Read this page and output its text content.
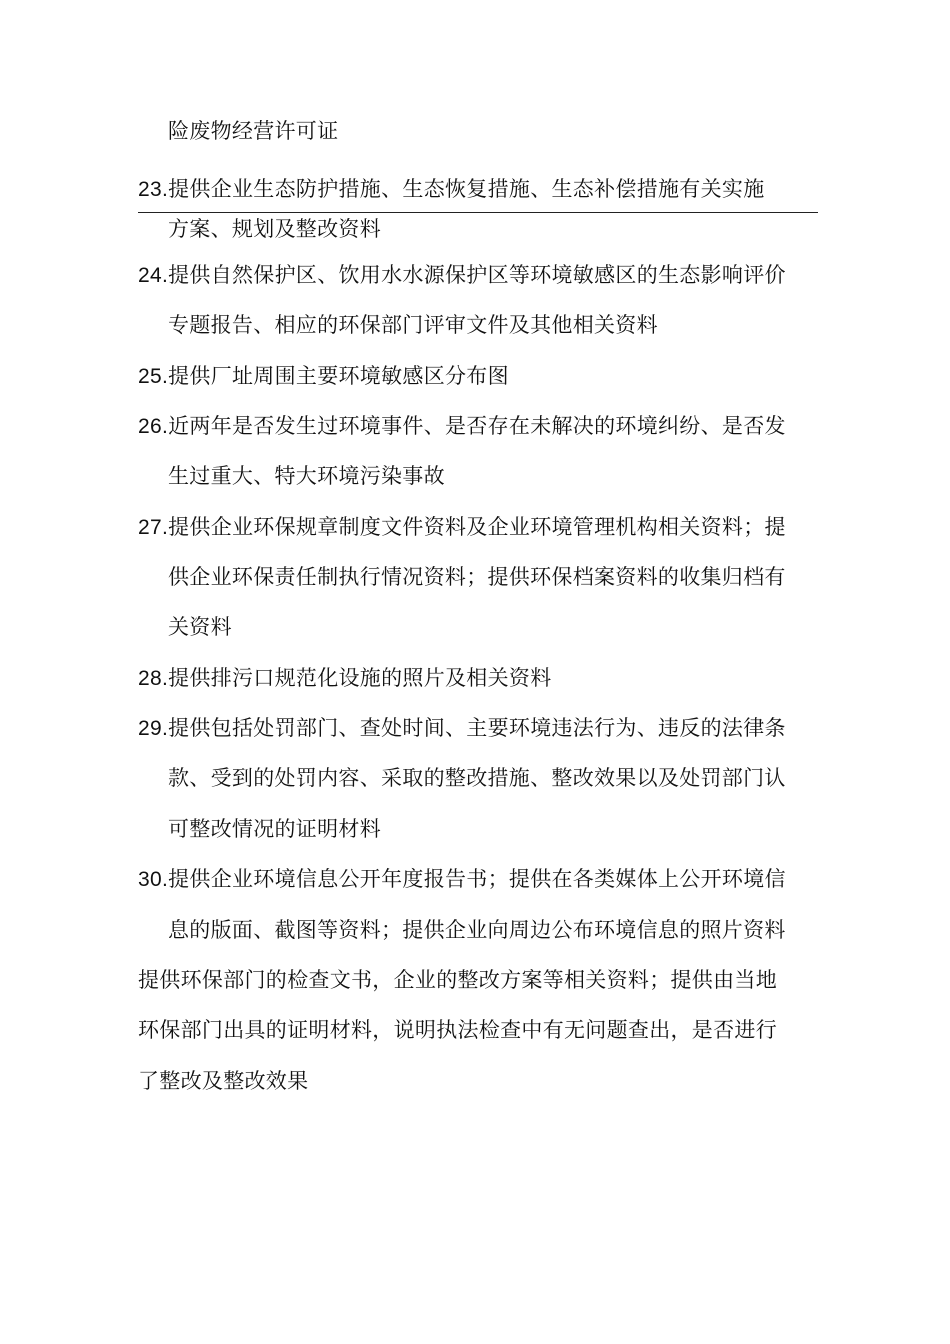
险废物经营许可证
23.提供企业生态防护措施、生态恢复措施、生态补偿措施有关实施
方案、规划及整改资料
24.提供自然保护区、饮用水水源保护区等环境敏感区的生态影响评价
专题报告、相应的环保部门评审文件及其他相关资料
25.提供厂址周围主要环境敏感区分布图
26.近两年是否发生过环境事件、是否存在未解决的环境纠纷、是否发
生过重大、特大环境污染事故
27.提供企业环保规章制度文件资料及企业环境管理机构相关资料；提
供企业环保责任制执行情况资料；提供环保档案资料的收集归档有
关资料
28.提供排污口规范化设施的照片及相关资料
29.提供包括处罚部门、查处时间、主要环境违法行为、违反的法律条
款、受到的处罚内容、采取的整改措施、整改效果以及处罚部门认
可整改情况的证明材料
30.提供企业环境信息公开年度报告书；提供在各类媒体上公开环境信
息的版面、截图等资料；提供企业向周边公布环境信息的照片资料
提供环保部门的检查文书，企业的整改方案等相关资料；提供由当地
环保部门出具的证明材料，说明执法检查中有无问题查出，是否进行
了整改及整改效果
